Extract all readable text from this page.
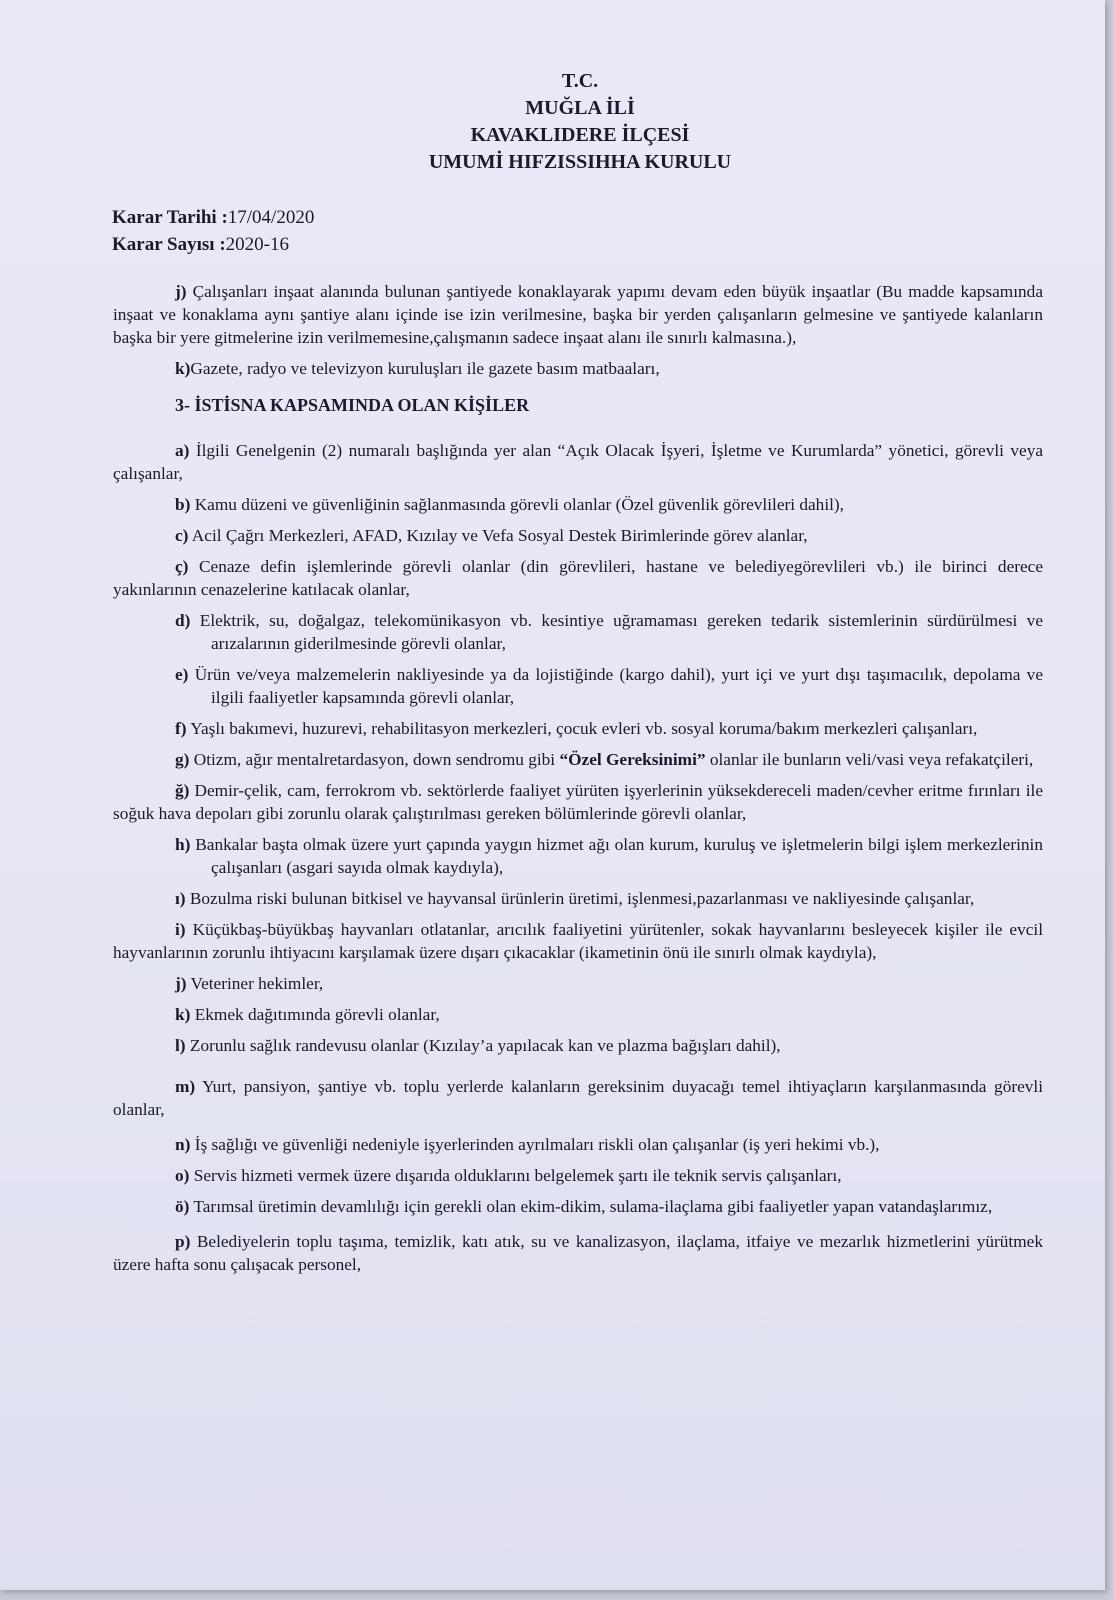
T.C.
MUĞLA İLİ
KAVAKLIDERE İLÇESİ
UMUMİ HIFZISSIHHA KURULU
Karar Tarihi :17/04/2020
Karar Sayısı :2020-16

j) Çalışanları inşaat alanında bulunan şantiyede konaklayarak yapımı devam eden büyük inşaatlar (Bu madde kapsamında inşaat ve konaklama aynı şantiye alanı içinde ise izin verilmesine, başka bir yerden çalışanların gelmesine ve şantiyede kalanların başka bir yere gitmelerine izin verilmemesine,çalışmanın sadece inşaat alanı ile sınırlı kalmasına.),

k)Gazete, radyo ve televizyon kuruluşları ile gazete basım matbaaları,

3- İSTİSNA KAPSAMINDA OLAN KİŞİLER

a) İlgili Genelgenin (2) numaralı başlığında yer alan “Açık Olacak İşyeri, İşletme ve Kurumlarda” yönetici, görevli veya çalışanlar,

b) Kamu düzeni ve güvenliğinin sağlanmasında görevli olanlar (Özel güvenlik görevlileri dahil),

c) Acil Çağrı Merkezleri, AFAD, Kızılay ve Vefa Sosyal Destek Birimlerinde görev alanlar,

ç) Cenaze defin işlemlerinde görevli olanlar (din görevlileri, hastane ve belediyegörevlileri vb.) ile birinci derece yakınlarının cenazelerine katılacak olanlar,

d) Elektrik, su, doğalgaz, telekomünikasyon vb. kesintiye uğramaması gereken tedarik sistemlerinin sürdürülmesi ve arızalarının giderilmesinde görevli olanlar,

e) Ürün ve/veya malzemelerin nakliyesinde ya da lojistiğinde (kargo dahil), yurt içi ve yurt dışı taşımacılık, depolama ve ilgili faaliyetler kapsamında görevli olanlar,

f) Yaşlı bakımevi, huzurevi, rehabilitasyon merkezleri, çocuk evleri vb. sosyal koruma/bakım merkezleri çalışanları,

g) Otizm, ağır mentalretardasyon, down sendromu gibi “Özel Gereksinimi” olanlar ile bunların veli/vasi veya refakatçileri,

ğ) Demir-çelik, cam, ferrokrom vb. sektörlerde faaliyet yürüten işyerlerinin yüksekdereceli maden/cevher eritme fırınları ile soğuk hava depoları gibi zorunlu olarak çalıştırılması gereken bölümlerinde görevli olanlar,

h) Bankalar başta olmak üzere yurt çapında yaygın hizmet ağı olan kurum, kuruluş ve işletmelerin bilgi işlem merkezlerinin çalışanları (asgari sayıda olmak kaydıyla),

ı) Bozulma riski bulunan bitkisel ve hayvansal ürünlerin üretimi, işlenmesi,pazarlanması ve nakliyesinde çalışanlar,

i) Küçükbaş-büyükbaş hayvanları otlatanlar, arıcılık faaliyetini yürütenler, sokak hayvanlarını besleyecek kişiler ile evcil hayvanlarının zorunlu ihtiyacını karşılamak üzere dışarı çıkacaklar (ikametinin önü ile sınırlı olmak kaydıyla),

j) Veteriner hekimler,

k) Ekmek dağıtımında görevli olanlar,

l) Zorunlu sağlık randevusu olanlar (Kızılay’a yapılacak kan ve plazma bağışları dahil),

m) Yurt, pansiyon, şantiye vb. toplu yerlerde kalanların gereksinim duyacağı temel ihtiyaçların karşılanmasında görevli olanlar,

n) İş sağlığı ve güvenliği nedeniyle işyerlerinden ayrılmaları riskli olan çalışanlar (iş yeri hekimi vb.),

o) Servis hizmeti vermek üzere dışarıda olduklarını belgelemek şartı ile teknik servis çalışanları,

ö) Tarımsal üretimin devamlılığı için gerekli olan ekim-dikim, sulama-ilaçlama gibi faaliyetler yapan vatandaşlarımız,

p) Belediyelerin toplu taşıma, temizlik, katı atık, su ve kanalizasyon, ilaçlama, itfaiye ve mezarlık hizmetlerini yürütmek üzere hafta sonu çalışacak personel,
